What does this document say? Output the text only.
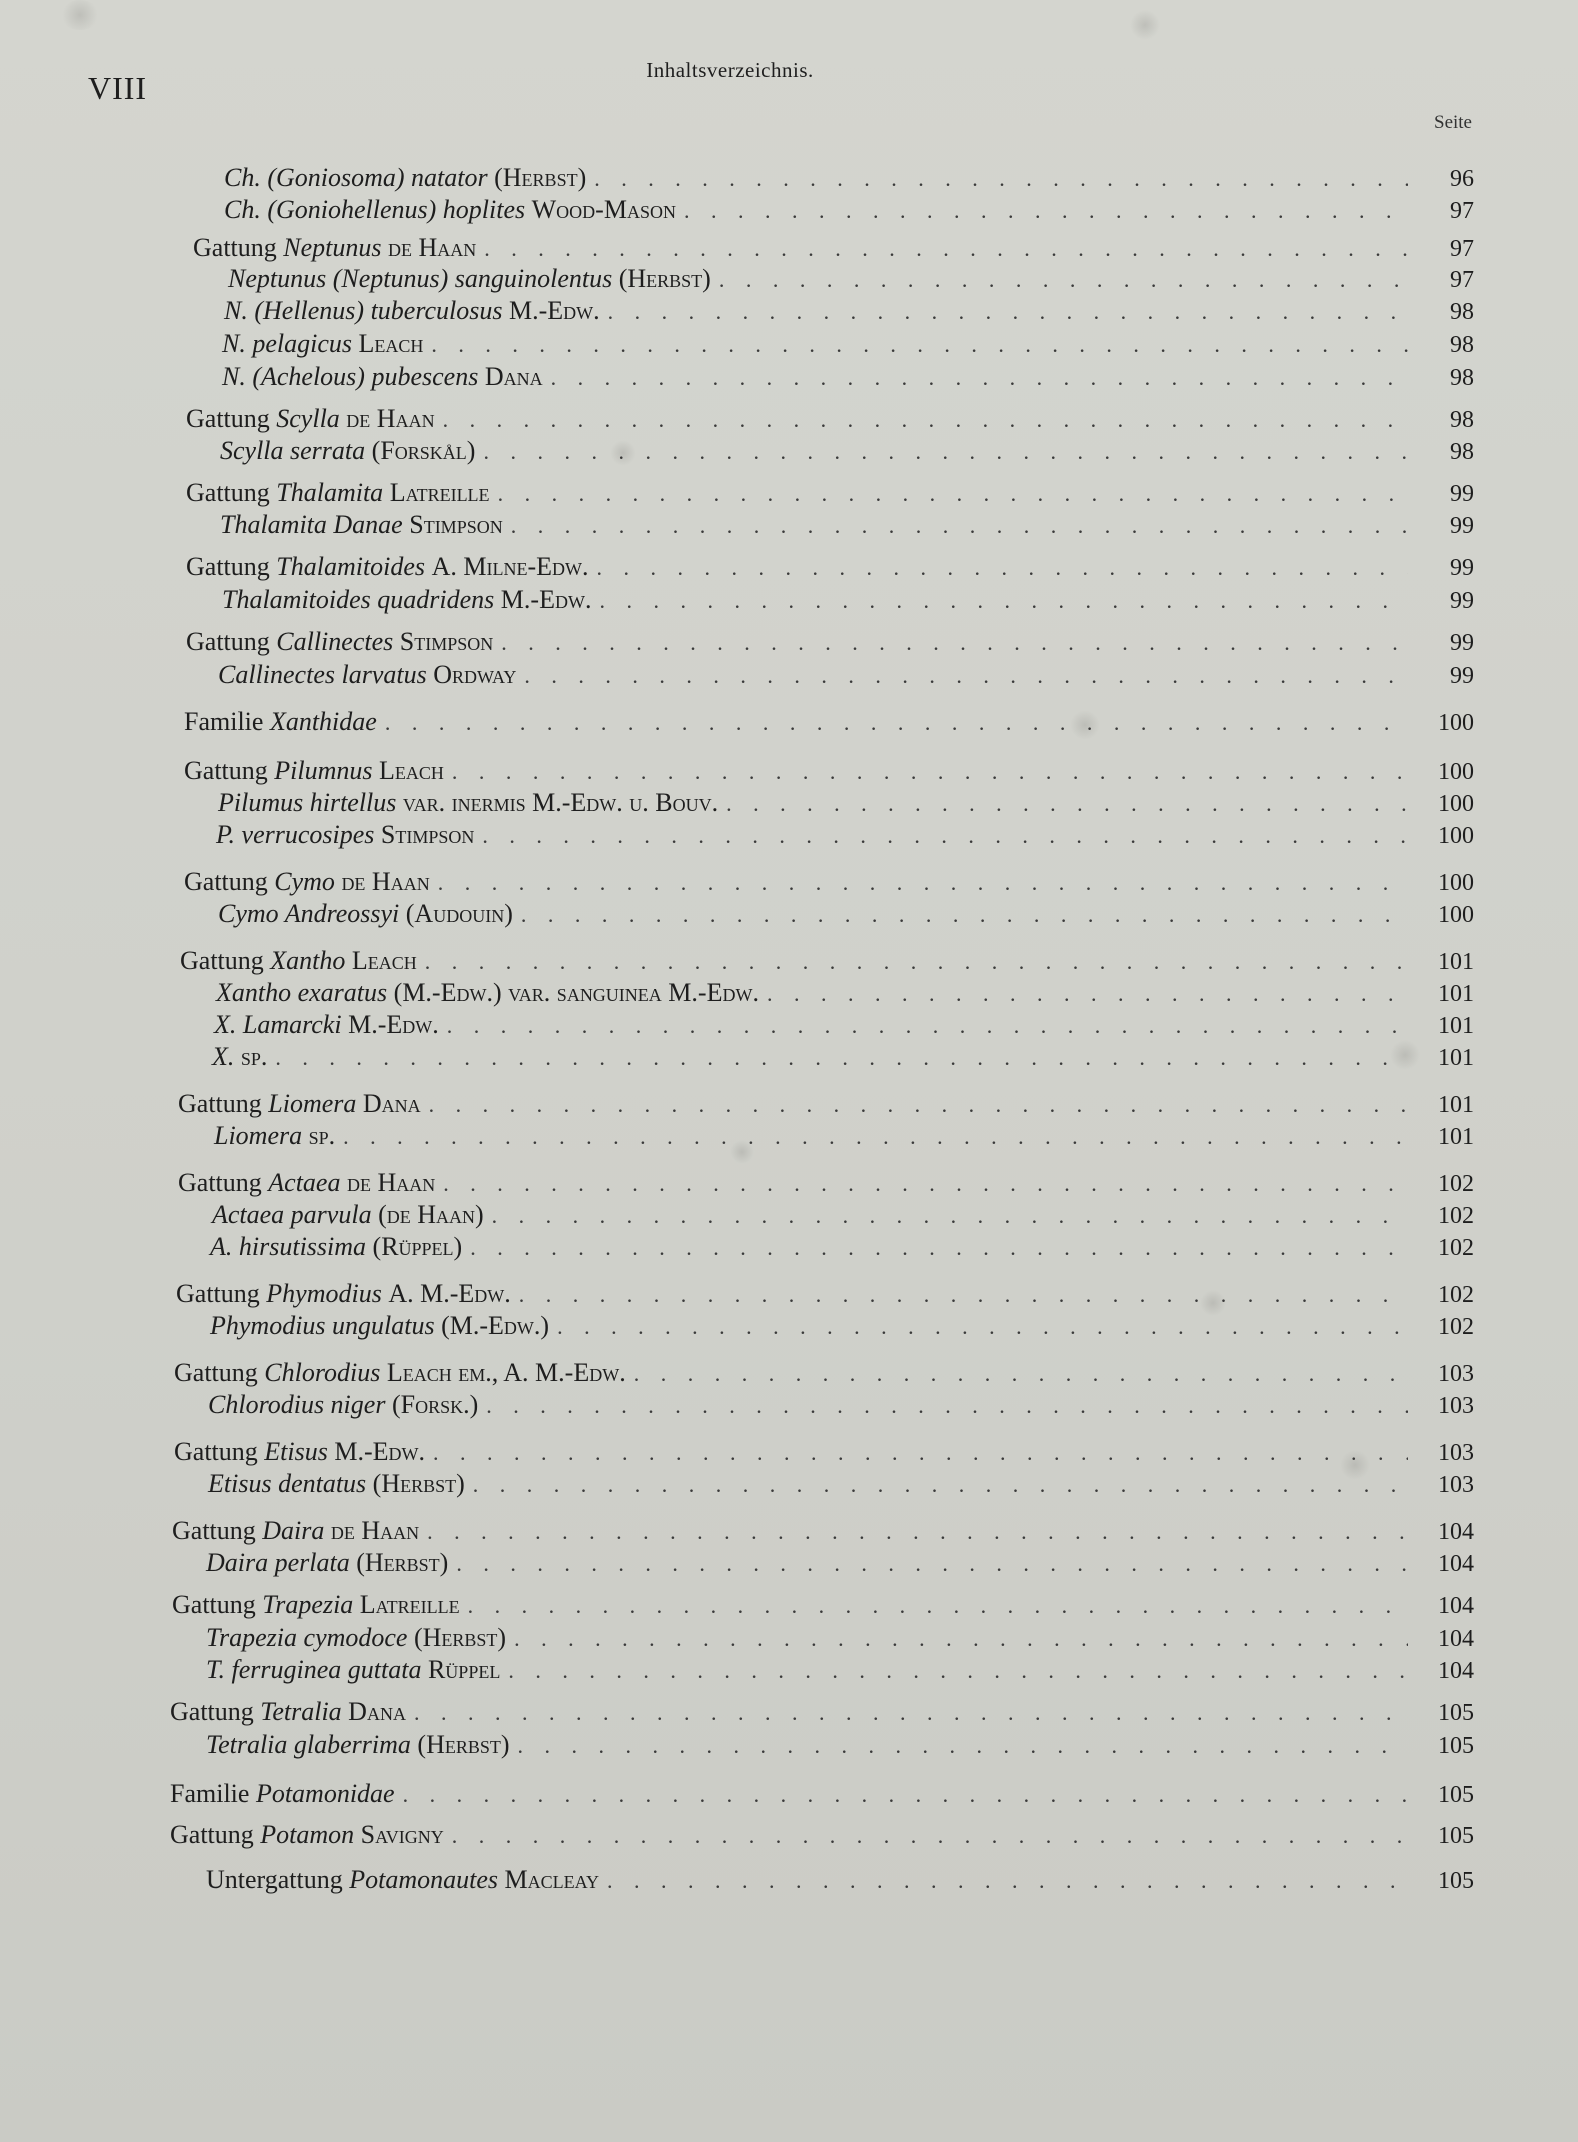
VIII	Inhaltsverzeichnis.
Seite
Ch. (Goniosoma) natator (Herbst) . . .	96
Ch. (Goniohellenus) hoplites Wood-Mason . . .	97
Gattung Neptunus de Haan . . .	97
Neptunus (Neptunus) sanguinolentus (Herbst) . . .	97
N. (Hellenus) tuberculosus M.-Edw. . . .	98
N. pelagicus Leach . . .	98
N. (Achelous) pubescens Dana . . .	98
Gattung Scylla de Haan . . .	98
Scylla serrata (Forskål) . . .	98
Gattung Thalamita Latreille . . .	99
Thalamita Danae Stimpson . . .	99
Gattung Thalamitoides A. Milne-Edw. . . .	99
Thalamitoides quadridens M.-Edw. . . .	99
Gattung Callinectes Stimpson . . .	99
Callinectes larvatus Ordway . . .	99
Familie Xanthidae . . .	100
Gattung Pilumnus Leach . . .	100
Pilumus hirtellus var. inermis M.-Edw. u. Bouv. . . .	100
P. verrucosipes Stimpson . . .	100
Gattung Cymo de Haan . . .	100
Cymo Andreossyi (Audouin) . . .	100
Gattung Xantho Leach . . .	101
Xantho exaratus (M.-Edw.) var. sanguinea M.-Edw. . . .	101
X. Lamarcki M.-Edw. . . .	101
X. sp. . . .	101
Gattung Liomera Dana . . .	101
Liomera sp. . . .	101
Gattung Actaea de Haan . . .	102
Actaea parvula (de Haan) . . .	102
A. hirsutissima (Rüppel) . . .	102
Gattung Phymodius A. M.-Edw. . . .	102
Phymodius ungulatus (M.-Edw.) . . .	102
Gattung Chlorodius Leach em., A. M.-Edw. . . .	103
Chlorodius niger (Forsk.) . . .	103
Gattung Etisus M.-Edw. . . .	103
Etisus dentatus (Herbst) . . .	103
Gattung Daira de Haan . . .	104
Daira perlata (Herbst) . . .	104
Gattung Trapezia Latreille . . .	104
Trapezia cymodoce (Herbst) . . .	104
T. ferruginea guttata Rüppel . . .	104
Gattung Tetralia Dana . . .	105
Tetralia glaberrima (Herbst) . . .	105
Familie Potamonidae . . .	105
Gattung Potamon Savigny . . .	105
Untergattung Potamonautes Macleay . . .	105
